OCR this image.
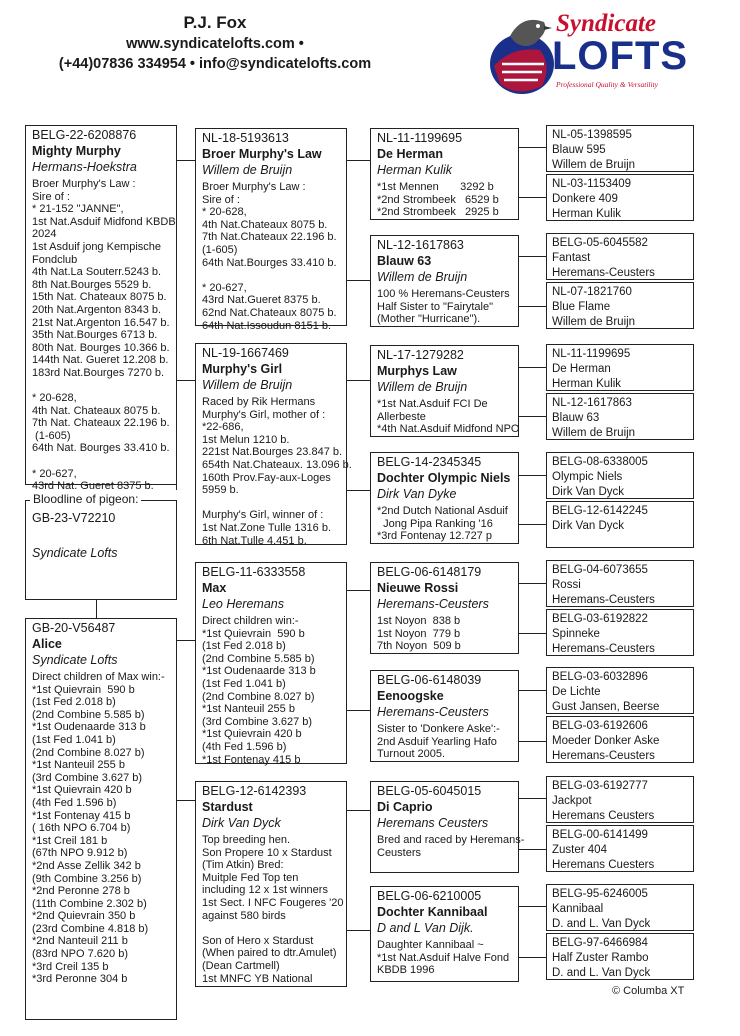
P.J. Fox
www.syndicatelofts.com •
(+44)07836 334954 • info@syndicatelofts.com
Syndicate
LOFTS
Professional Quality & Versatility
BELG-22-6208876
Mighty Murphy
Hermans-Hoekstra
Broer Murphy's Law :
Sire of :
* 21-152 "JANNE",
1st Nat.Asduif Midfond KBDB
2024
1st Asduif jong Kempische
Fondclub
4th Nat.La Souterr.5243 b.
8th Nat.Bourges 5529 b.
15th Nat. Chateaux 8075 b.
20th Nat.Argenton 8343 b.
21st Nat.Argenton 16.547 b.
35th Nat.Bourges 6713 b.
80th Nat. Bourges 10.366 b.
144th Nat. Gueret 12.208 b.
183rd Nat.Bourges 7270 b.

* 20-628,
4th Nat. Chateaux 8075 b.
7th Nat. Chateaux 22.196 b.
(1-605)
64th Nat. Bourges 33.410 b.

* 20-627,
43rd Nat. Gueret 8375 b.
GB-23-V72210
Syndicate Lofts
Bloodline of pigeon:
GB-20-V56487
Alice
Syndicate Lofts
Direct children of Max win:-
*1st Quievrain  590 b
(1st Fed 2.018 b)
(2nd Combine 5.585 b)
*1st Oudenaarde 313 b
(1st Fed 1.041 b)
(2nd Combine 8.027 b)
*1st Nanteuil 255 b
(3rd Combine 3.627 b)
*1st Quievrain 420 b
(4th Fed 1.596 b)
*1st Fontenay 415 b
( 16th NPO 6.704 b)
*1st Creil 181 b
(67th NPO 9.912 b)
*2nd Asse Zellik 342 b
(9th Combine 3.256 b)
*2nd Peronne 278 b
(11th Combine 2.302 b)
*2nd Quievrain 350 b
(23rd Combine 4.818 b)
*2nd Nanteuil 211 b
(83rd NPO 7.620 b)
*3rd Creil 135 b
*3rd Peronne 304 b
NL-18-5193613
Broer Murphy's Law
Willem de Bruijn
Broer Murphy's Law :
Sire of :
* 20-628,
4th Nat.Chateaux 8075 b.
7th Nat.Chateaux 22.196 b.
(1-605)
64th Nat.Bourges 33.410 b.

* 20-627,
43rd Nat.Gueret 8375 b.
62nd Nat.Chateaux 8075 b.
64th Nat.Issoudun 8151 b.
NL-19-1667469
Murphy's Girl
Willem de Bruijn
Raced by Rik Hermans
Murphy's Girl, mother of :
*22-686,
1st Melun 1210 b.
221st Nat.Bourges 23.847 b.
654th Nat.Chateaux. 13.096 b.
160th Prov.Fay-aux-Loges
5959 b.

Murphy's Girl, winner of :
1st Nat.Zone Tulle 1316 b.
6th Nat.Tulle 4.451 b.
BELG-11-6333558
Max
Leo Heremans
Direct children win:-
*1st Quievrain  590 b
(1st Fed 2.018 b)
(2nd Combine 5.585 b)
*1st Oudenaarde 313 b
(1st Fed 1.041 b)
(2nd Combine 8.027 b)
*1st Nanteuil 255 b
(3rd Combine 3.627 b)
*1st Quievrain 420 b
(4th Fed 1.596 b)
*1st Fontenay 415 b
BELG-12-6142393
Stardust
Dirk Van Dyck
Top breeding hen.
Son Propere 10 x Stardust
(Tim Atkin) Bred:
Muitple Fed Top ten
including 12 x 1st winners
1st Sect. I NFC Fougeres '20
against 580 birds

Son of Hero x Stardust
(When paired to dtr.Amulet)
(Dean Cartmell)
1st MNFC YB National
NL-11-1199695
De Herman
Herman Kulik
*1st Mennen       3292 b
*2nd Strombeek   6529 b
*2nd Strombeek   2925 b
NL-12-1617863
Blauw 63
Willem de Bruijn
100 % Heremans-Ceusters
Half Sister to "Fairytale"
(Mother "Hurricane").
NL-17-1279282
Murphys Law
Willem de Bruijn
*1st Nat.Asduif FCI De
Allerbeste
*4th Nat.Asduif Midfond NPO
BELG-14-2345345
Dochter Olympic Niels
Dirk Van Dyke
*2nd Dutch National Asduif
Jong Pipa Ranking '16
*3rd Fontenay 12.727 p
BELG-06-6148179
Nieuwe Rossi
Heremans-Ceusters
1st Noyon  838 b
1st Noyon  779 b
7th Noyon  509 b
BELG-06-6148039
Eenoogske
Heremans-Ceusters
Sister to 'Donkere Aske':-
2nd Asduif Yearling Hafo
Turnout 2005.
BELG-05-6045015
Di Caprio
Heremans Ceusters
Bred and raced by Heremans-
Ceusters
BELG-06-6210005
Dochter Kannibaal
D and L Van Dijk.
Daughter Kannibaal ~
*1st Nat.Asduif Halve Fond
KBDB 1996
NL-05-1398595
Blauw 595
Willem de Bruijn
NL-03-1153409
Donkere 409
Herman Kulik
BELG-05-6045582
Fantast
Heremans-Ceusters
NL-07-1821760
Blue Flame
Willem de Bruijn
NL-11-1199695
De Herman
Herman Kulik
NL-12-1617863
Blauw 63
Willem de Bruijn
BELG-08-6338005
Olympic Niels
Dirk Van Dyck
BELG-12-6142245
Dirk Van Dyck
BELG-04-6073655
Rossi
Heremans-Ceusters
BELG-03-6192822
Spinneke
Heremans-Ceusters
BELG-03-6032896
De Lichte
Gust Jansen, Beerse
BELG-03-6192606
Moeder Donker Aske
Heremans-Ceusters
BELG-03-6192777
Jackpot
Heremans Ceusters
BELG-00-6141499
Zuster 404
Heremans Cuesters
BELG-95-6246005
Kannibaal
D. and L. Van Dyck
BELG-97-6466984
Half Zuster Rambo
D. and L. Van Dyck
© Columba XT
